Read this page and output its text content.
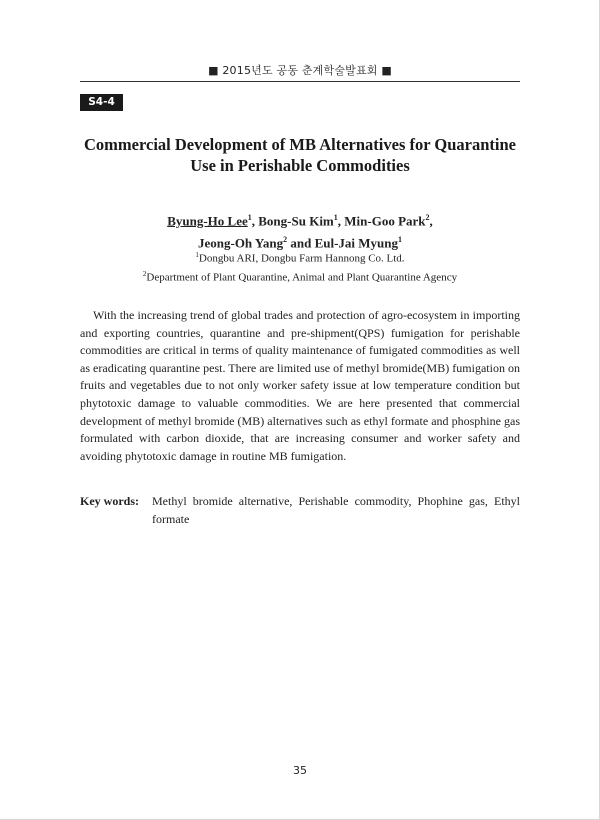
■ 2015년도 공동 춘계학술발표회 ■
S4-4
Commercial Development of MB Alternatives for Quarantine
Use in Perishable Commodities
Byung-Ho Lee$^1$, Bong-Su Kim$^1$, Min-Goo Park$^2$,
Jeong-Oh Yang$^2$ and Eul-Jai Myung$^1$
$^1$Dongbu ARI, Dongbu Farm Hannong Co. Ltd.
$^2$Department of Plant Quarantine, Animal and Plant Quarantine Agency

With the increasing trend of global trades and protection of agro-ecosystem in importing and exporting countries, quarantine and pre-shipment(QPS) fumigation for perishable commodities are critical in terms of quality maintenance of fumigated commodities as well as eradicating quarantine pest. There are limited use of methyl bromide(MB) fumigation on fruits and vegetables due to not only worker safety issue at low temperature condition but phytotoxic damage to valuable commodities. We are here presented that commercial development of methyl bromide (MB) alternatives such as ethyl formate and phosphine gas formulated with carbon dioxide, that are increasing consumer and worker safety and avoiding phytotoxic damage in routine MB fumigation.

Key words:	Methyl bromide alternative, Perishable commodity, Phophine gas, Ethyl formate
35
